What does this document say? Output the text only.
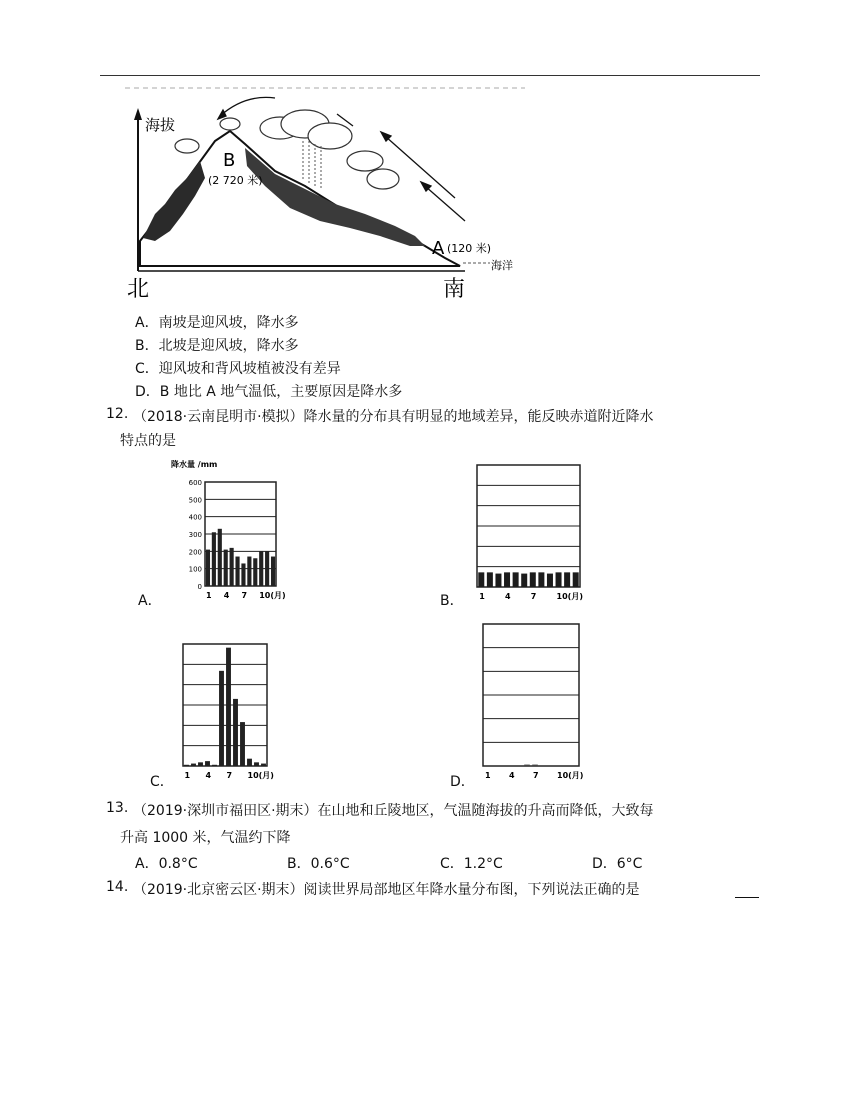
海拔
B
(2 720 米)
A (120 米)
海洋
北	南
A．南坡是迎风坡，降水多
B．北坡是迎风坡，降水多
C．迎风坡和背风坡植被没有差异
D．B 地比 A 地气温低，主要原因是降水多
12. （2018·云南昆明市·模拟）降水量的分布具有明显的地域差异，能反映赤道附近降水
特点的是
降水量 /mm
600
500
400
300
200
100
0
1 4 7 10(月)
A．	1	4	7	10(月)
B．
1 4 7 10(月)
C．	1 4 7 10(月)
D．
13. （2019·深圳市福田区·期末）在山地和丘陵地区，气温随海拔的升高而降低，大致每
升高 1000 米，气温约下降
A．0.8°C	B．0.6°C	C．1.2°C	D．6°C
14. （2019·北京密云区·期末）阅读世界局部地区年降水量分布图，下列说法正确的是
